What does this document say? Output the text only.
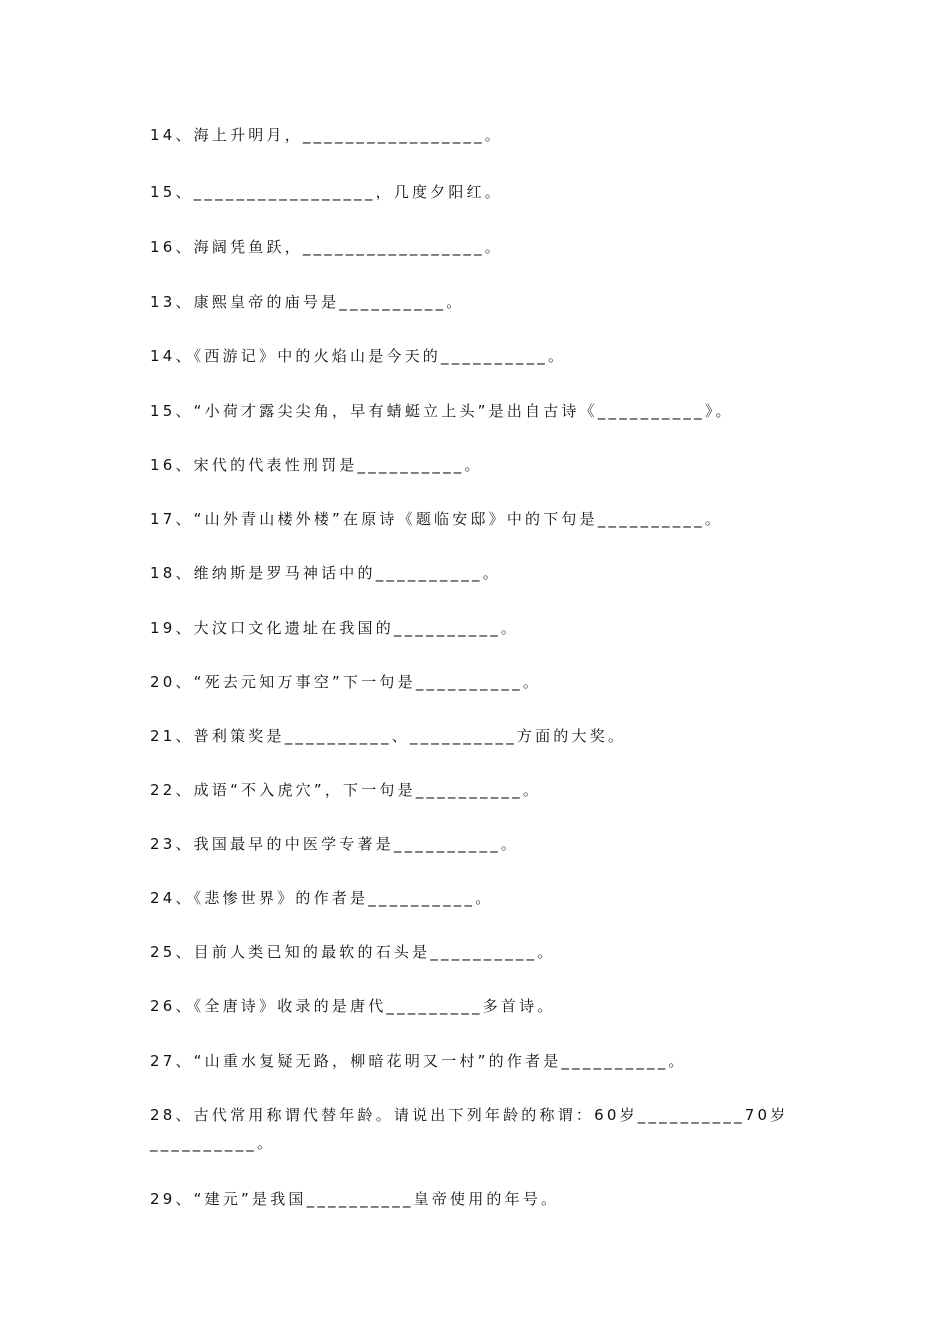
14、海上升明月，_________________。
15、_________________，几度夕阳红。
16、海阔凭鱼跃，_________________。
13、康熙皇帝的庙号是__________。
14、《西游记》中的火焰山是今天的__________。
15、“小荷才露尖尖角，早有蜻蜓立上头”是出自古诗《__________》。
16、宋代的代表性刑罚是__________。
17、“山外青山楼外楼”在原诗《题临安邸》中的下句是__________。
18、维纳斯是罗马神话中的__________。
19、大汶口文化遗址在我国的__________。
20、“死去元知万事空”下一句是__________。
21、普利策奖是__________、__________方面的大奖。
22、成语“不入虎穴”，下一句是__________。
23、我国最早的中医学专著是__________。
24、《悲惨世界》的作者是__________。
25、目前人类已知的最软的石头是__________。
26、《全唐诗》收录的是唐代_________多首诗。
27、“山重水复疑无路，柳暗花明又一村”的作者是__________。
28、古代常用称谓代替年龄。请说出下列年龄的称谓：60岁__________70岁__________。
29、“建元”是我国__________皇帝使用的年号。
